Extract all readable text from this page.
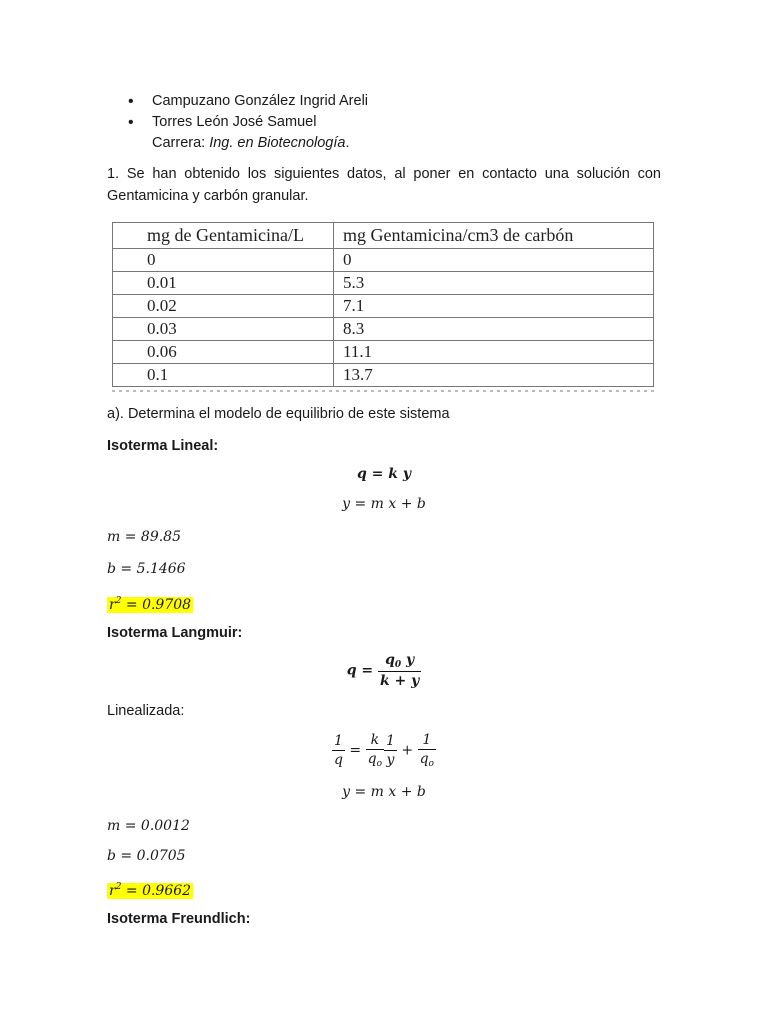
• Campuzano González Ingrid Areli
• Torres León José Samuel
Carrera: Ing. en Biotecnología.
1. Se han obtenido los siguientes datos, al poner en contacto una solución con Gentamicina y carbón granular.
mg de Gentamicina/L	mg Gentamicina/cm3 de carbón
0	0
0.01	5.3
0.02	7.1
0.03	8.3
0.06	11.1
0.1	13.7
a). Determina el modelo de equilibrio de este sistema
Isoterma Lineal:
q = k y
y = m x + b
m = 89.85
b = 5.1466
$r^2 = 0.9708$
Isoterma Langmuir:
$q = \frac{q_0 y}{k + y}$
Linealizada:
$\frac{1}{q} = \frac{k}{q_o} \frac{1}{y} + \frac{1}{q_o}$
y = m x + b
m = 0.0012
b = 0.0705
$r^2 = 0.9662$
Isoterma Freundlich:
